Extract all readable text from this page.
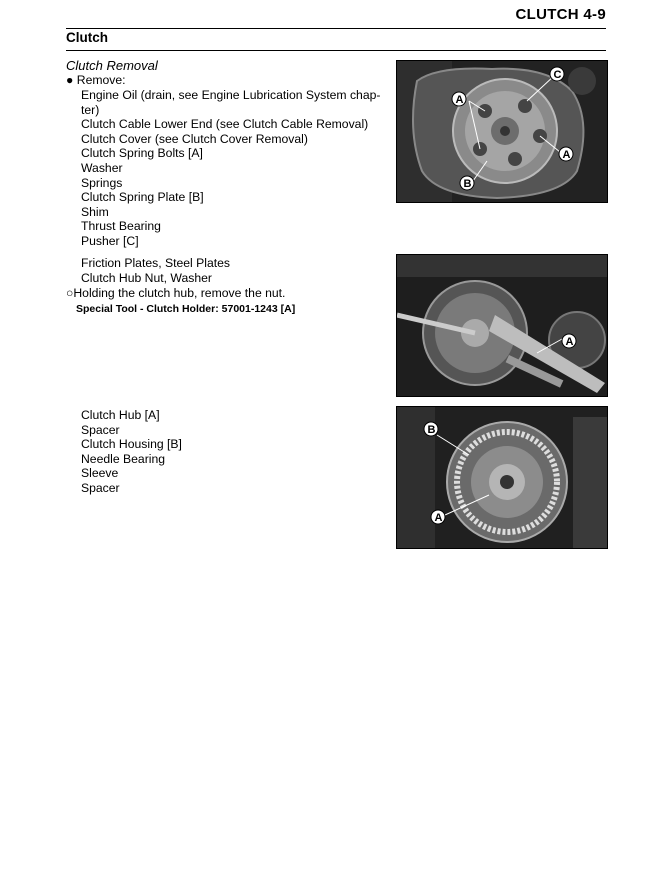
CLUTCH 4-9
Clutch
Clutch Removal
● Remove:
Engine Oil (drain, see Engine Lubrication System chap-
ter)
Clutch Cable Lower End (see Clutch Cable Removal)
Clutch Cover (see Clutch Cover Removal)
Clutch Spring Bolts [A]
Washer
Springs
Clutch Spring Plate [B]
Shim
Thrust Bearing
Pusher [C]
Friction Plates, Steel Plates
Clutch Hub Nut, Washer
○Holding the clutch hub, remove the nut.
Special Tool - Clutch Holder: 57001-1243 [A]
Clutch Hub [A]
Spacer
Clutch Housing [B]
Needle Bearing
Sleeve
Spacer
A
B
C
A
A
B
A
